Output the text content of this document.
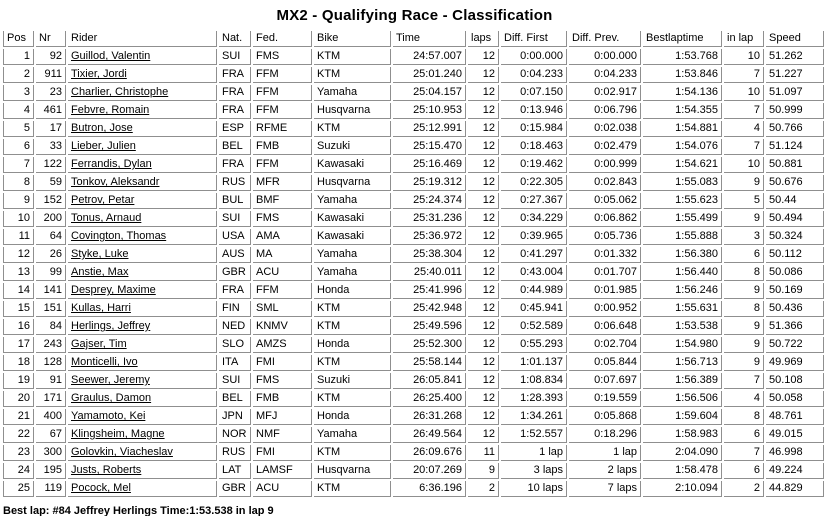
MX2 - Qualifying Race - Classification
Pos	Nr	Rider	Nat.	Fed.	Bike	Time	laps	Diff. First	Diff. Prev.	Bestlaptime	in lap	Speed
1	92	Guillod, Valentin	SUI	FMS	KTM	24:57.007	12	0:00.000	0:00.000	1:53.768	10	51.262
2	911	Tixier, Jordi	FRA	FFM	KTM	25:01.240	12	0:04.233	0:04.233	1:53.846	7	51.227
3	23	Charlier, Christophe	FRA	FFM	Yamaha	25:04.157	12	0:07.150	0:02.917	1:54.136	10	51.097
4	461	Febvre, Romain	FRA	FFM	Husqvarna	25:10.953	12	0:13.946	0:06.796	1:54.355	7	50.999
5	17	Butron, Jose	ESP	RFME	KTM	25:12.991	12	0:15.984	0:02.038	1:54.881	4	50.766
6	33	Lieber, Julien	BEL	FMB	Suzuki	25:15.470	12	0:18.463	0:02.479	1:54.076	7	51.124
7	122	Ferrandis, Dylan	FRA	FFM	Kawasaki	25:16.469	12	0:19.462	0:00.999	1:54.621	10	50.881
8	59	Tonkov, Aleksandr	RUS	MFR	Husqvarna	25:19.312	12	0:22.305	0:02.843	1:55.083	9	50.676
9	152	Petrov, Petar	BUL	BMF	Yamaha	25:24.374	12	0:27.367	0:05.062	1:55.623	5	50.44
10	200	Tonus, Arnaud	SUI	FMS	Kawasaki	25:31.236	12	0:34.229	0:06.862	1:55.499	9	50.494
11	64	Covington, Thomas	USA	AMA	Kawasaki	25:36.972	12	0:39.965	0:05.736	1:55.888	3	50.324
12	26	Styke, Luke	AUS	MA	Yamaha	25:38.304	12	0:41.297	0:01.332	1:56.380	6	50.112
13	99	Anstie, Max	GBR	ACU	Yamaha	25:40.011	12	0:43.004	0:01.707	1:56.440	8	50.086
14	141	Desprey, Maxime	FRA	FFM	Honda	25:41.996	12	0:44.989	0:01.985	1:56.246	9	50.169
15	151	Kullas, Harri	FIN	SML	KTM	25:42.948	12	0:45.941	0:00.952	1:55.631	8	50.436
16	84	Herlings, Jeffrey	NED	KNMV	KTM	25:49.596	12	0:52.589	0:06.648	1:53.538	9	51.366
17	243	Gajser, Tim	SLO	AMZS	Honda	25:52.300	12	0:55.293	0:02.704	1:54.980	9	50.722
18	128	Monticelli, Ivo	ITA	FMI	KTM	25:58.144	12	1:01.137	0:05.844	1:56.713	9	49.969
19	91	Seewer, Jeremy	SUI	FMS	Suzuki	26:05.841	12	1:08.834	0:07.697	1:56.389	7	50.108
20	171	Graulus, Damon	BEL	FMB	KTM	26:25.400	12	1:28.393	0:19.559	1:56.506	4	50.058
21	400	Yamamoto, Kei	JPN	MFJ	Honda	26:31.268	12	1:34.261	0:05.868	1:59.604	8	48.761
22	67	Klingsheim, Magne	NOR	NMF	Yamaha	26:49.564	12	1:52.557	0:18.296	1:58.983	6	49.015
23	300	Golovkin, Viacheslav	RUS	FMI	KTM	26:09.676	11	1 lap	1 lap	2:04.090	7	46.998
24	195	Justs, Roberts	LAT	LAMSF	Husqvarna	20:07.269	9	3 laps	2 laps	1:58.478	6	49.224
25	119	Pocock, Mel	GBR	ACU	KTM	6:36.196	2	10 laps	7 laps	2:10.094	2	44.829
Best lap: #84 Jeffrey Herlings Time:1:53.538 in lap 9
